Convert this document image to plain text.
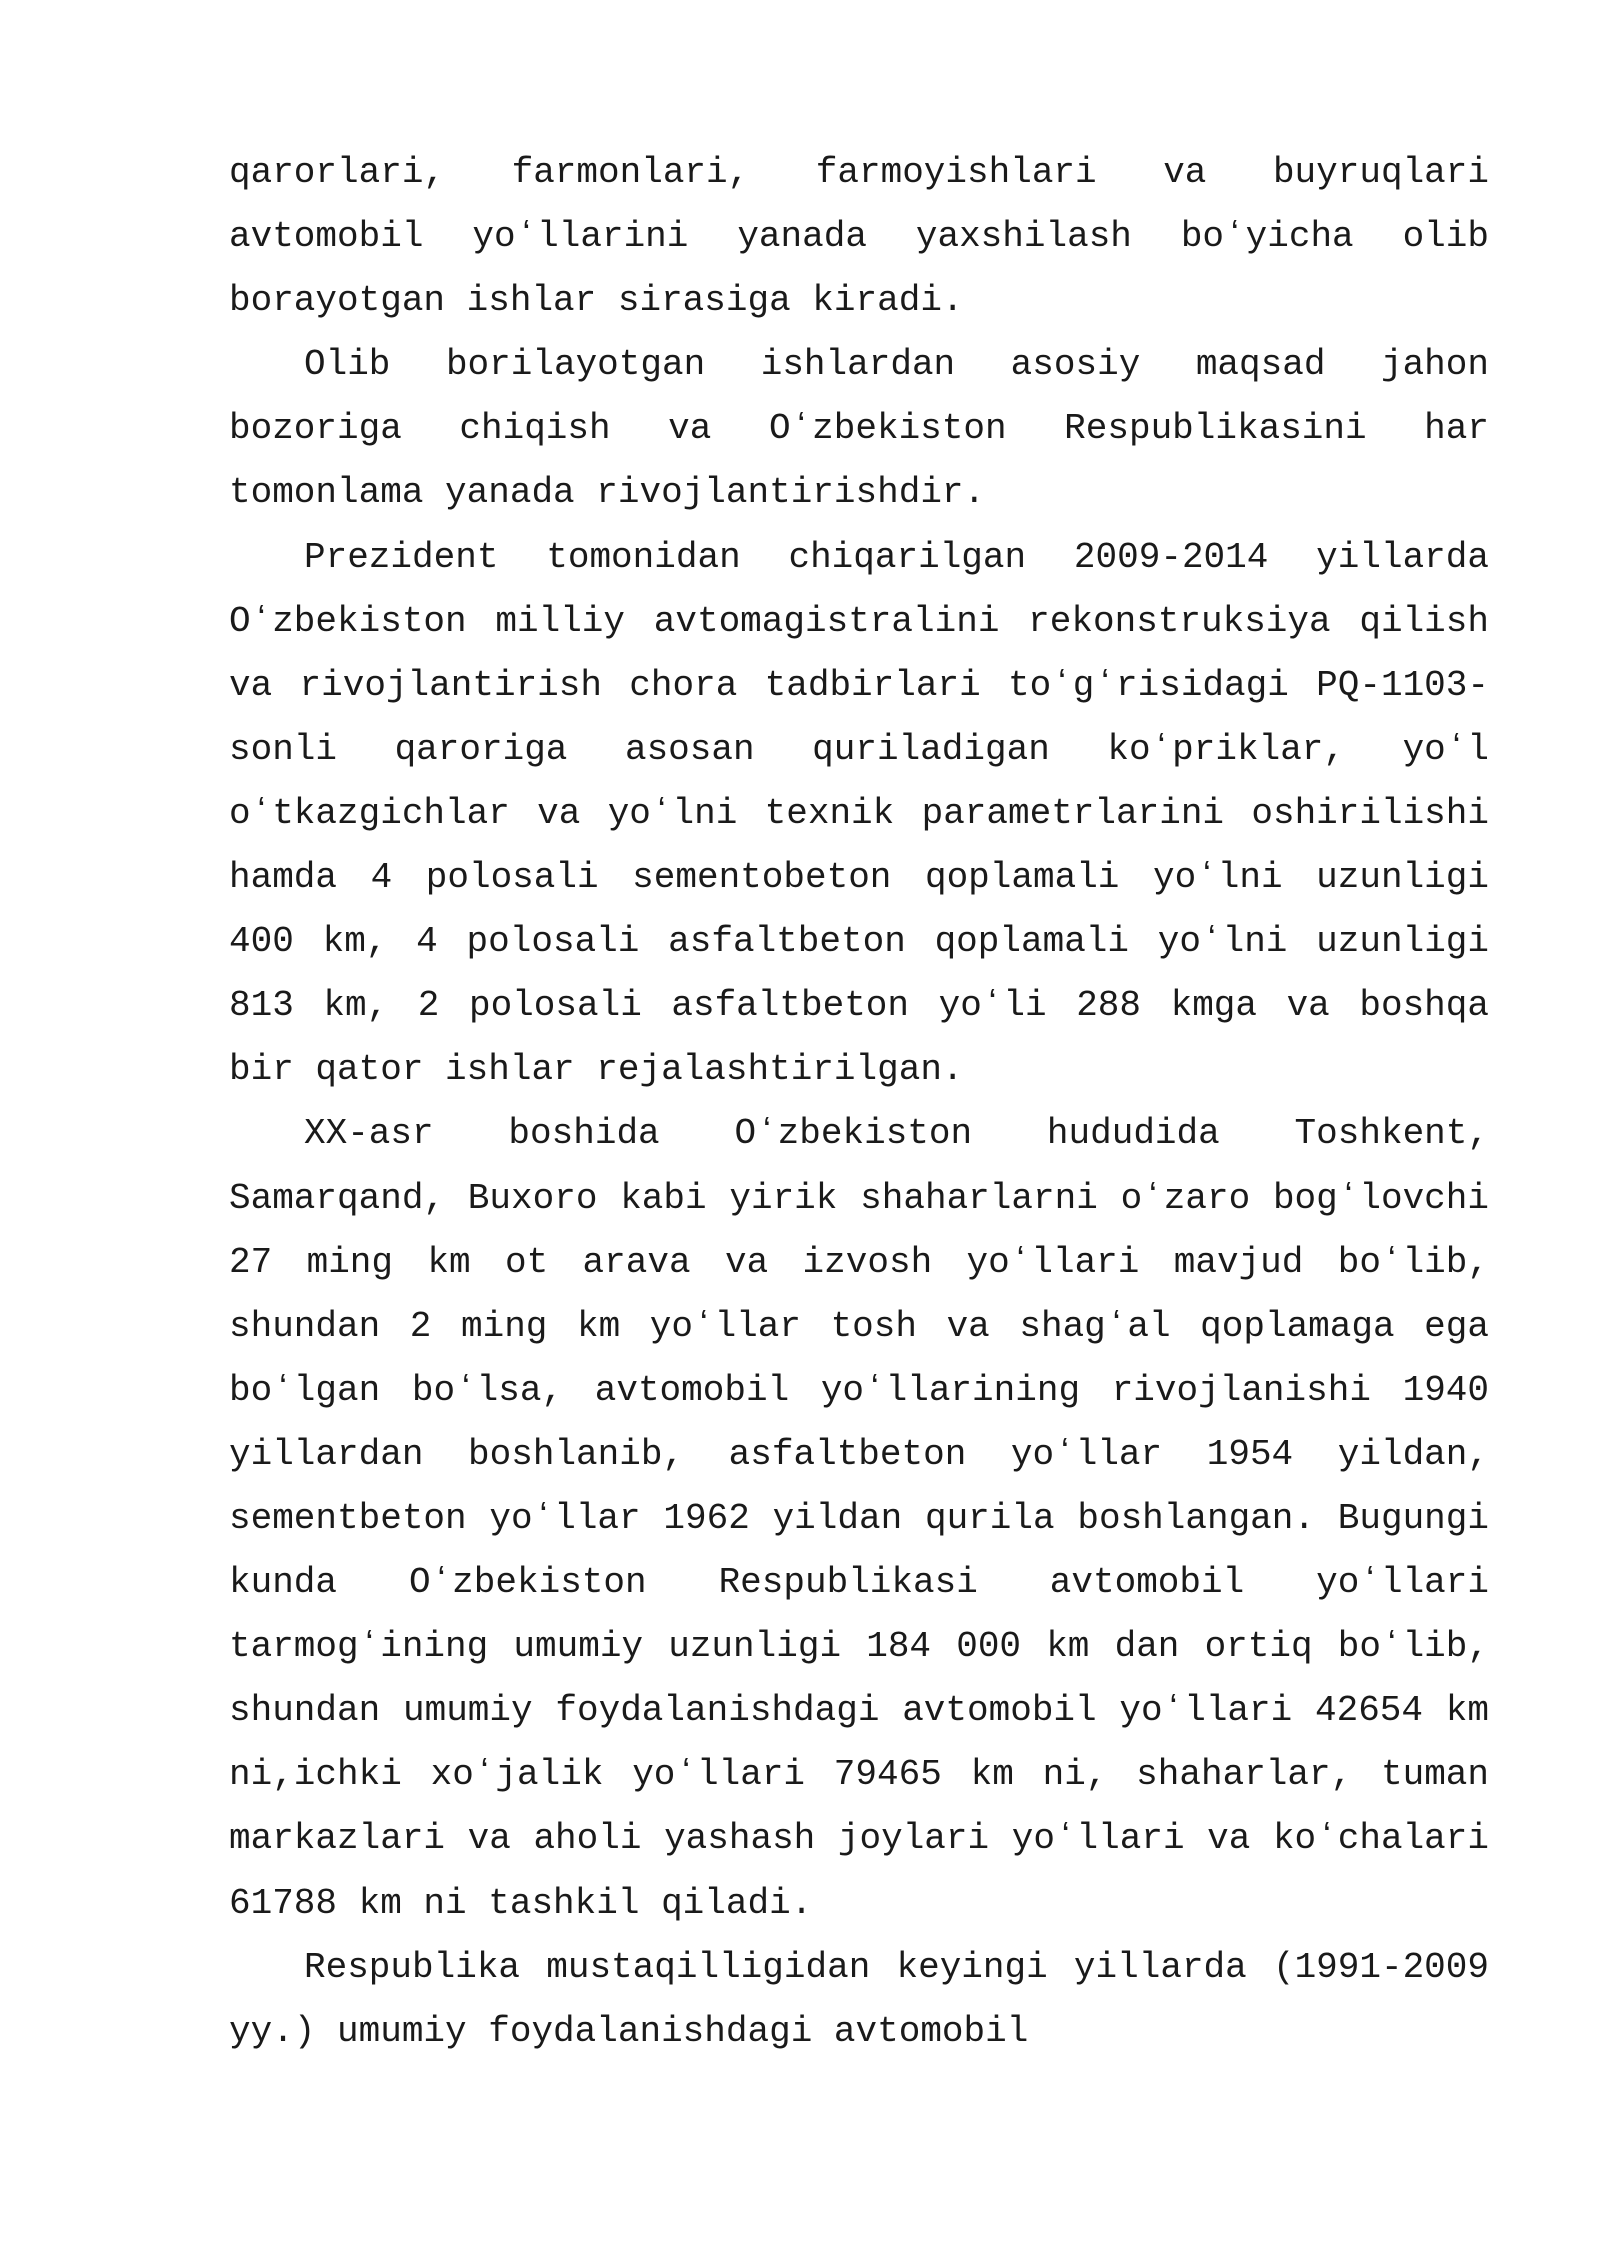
qarorlari, farmonlari, farmoyishlari va buyruqlari avtomobil yoʻllarini yanada yaxshilash boʻyicha olib borayotgan ishlar sirasiga kiradi.

Olib borilayotgan ishlardan asosiy maqsad jahon bozoriga chiqish va Oʻzbekiston Respublikasini har tomonlama yanada rivojlantirishdir.

Prezident tomonidan chiqarilgan 2009-2014 yillarda Oʻzbekiston milliy avtomagistralini rekonstruksiya qilish va rivojlantirish chora tadbirlari toʻgʻrisidagi PQ-1103-sonli qaroriga asosan quriladigan koʻpriklar, yoʻl oʻtkazgichlar va yoʻlni texnik parametrlarini oshirilishi hamda 4 polosali sementobeton qoplamali yoʻlni uzunligi 400 km, 4 polosali asfaltbeton qoplamali yoʻlni uzunligi 813 km, 2 polosali asfaltbeton yoʻli 288 kmga va boshqa bir qator ishlar rejalashtirilgan.

XX-asr boshida Oʻzbekiston hududida Toshkent, Samarqand, Buxoro kabi yirik shaharlarni oʻzaro bogʻlovchi 27 ming km ot arava va izvosh yoʻllari mavjud boʻlib, shundan 2 ming km yoʻllar tosh va shagʻal qoplamaga ega boʻlgan boʻlsa, avtomobil yoʻllarining rivojlanishi 1940 yillardan boshlanib, asfaltbeton yoʻllar 1954 yildan, sementbeton yoʻllar 1962 yildan qurila boshlangan. Bugungi kunda Oʻzbekiston Respublikasi avtomobil yoʻllari tarmogʻining umumiy uzunligi 184 000 km dan ortiq boʻlib, shundan umumiy foydalanishdagi avtomobil yoʻllari 42654 km ni,ichki xoʻjalik yoʻllari 79465 km ni, shaharlar, tuman markazlari va aholi yashash joylari yoʻllari va koʻchalari 61788 km ni tashkil qiladi.

Respublika mustaqilligidan keyingi yillarda (1991-2009 yy.) umumiy foydalanishdagi avtomobil
